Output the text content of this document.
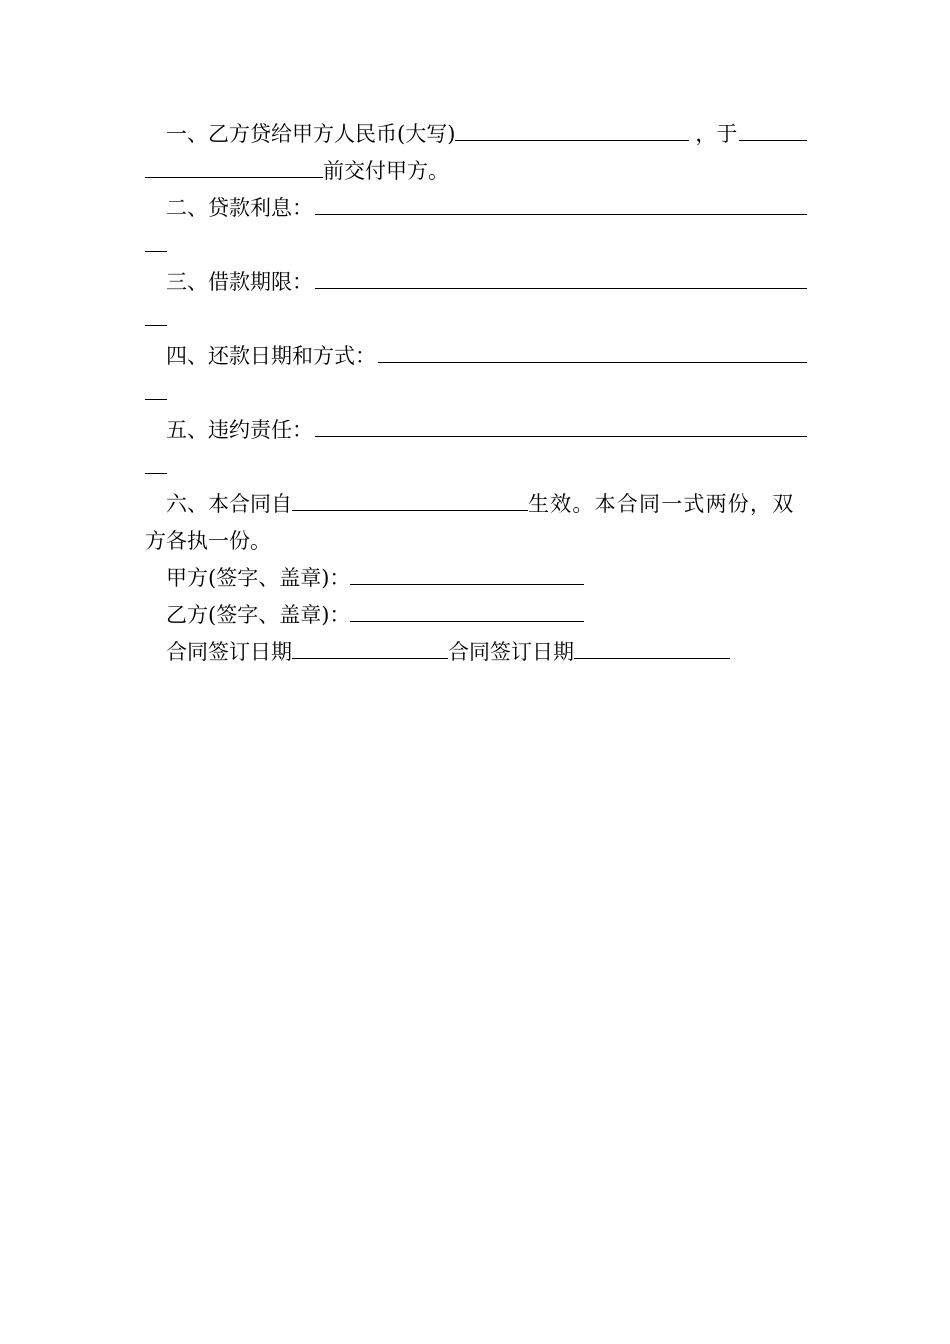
一、乙方贷给甲方人民币(大写)	，于
前交付甲方。
二、贷款利息：
三、借款期限：
四、还款日期和方式：
五、违约责任：
六、本合同自	生效。本合同一式两份，双
方各执一份。
甲方(签字、盖章)：
乙方(签字、盖章)：
合同签订日期	合同签订日期
